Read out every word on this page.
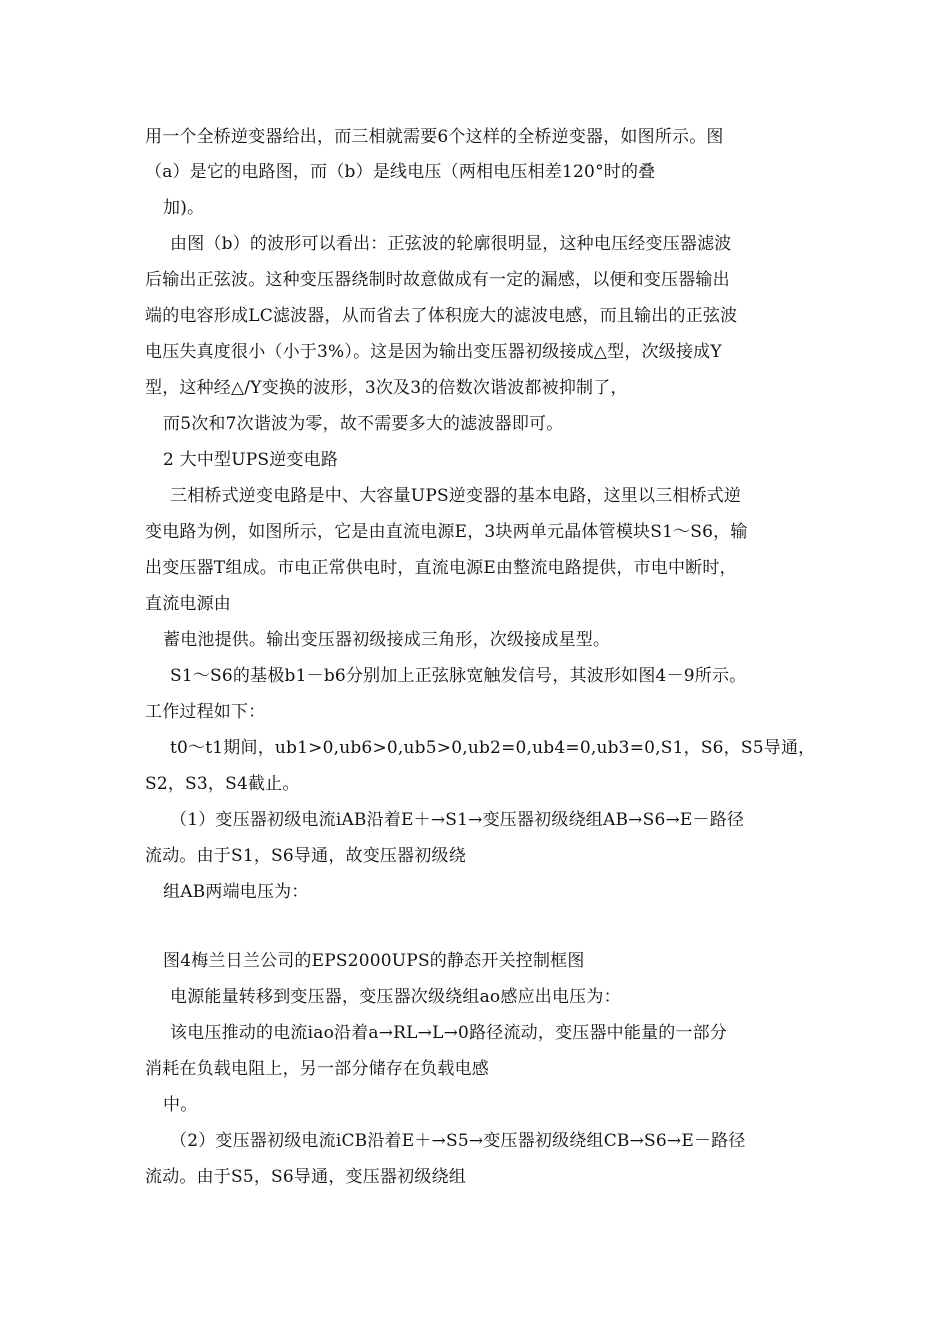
用一个全桥逆变器给出，而三相就需要6个这样的全桥逆变器，如图所示。图
（a）是它的电路图，而（b）是线电压（两相电压相差120°时的叠
加)。
由图（b）的波形可以看出：正弦波的轮廓很明显，这种电压经变压器滤波
后输出正弦波。这种变压器绕制时故意做成有一定的漏感，以便和变压器输出
端的电容形成LC滤波器，从而省去了体积庞大的滤波电感，而且输出的正弦波
电压失真度很小（小于3%）。这是因为输出变压器初级接成△型，次级接成Y
型，这种经△/Y变换的波形，3次及3的倍数次谐波都被抑制了，
而5次和7次谐波为零，故不需要多大的滤波器即可。
2 大中型UPS逆变电路
三相桥式逆变电路是中、大容量UPS逆变器的基本电路，这里以三相桥式逆
变电路为例，如图所示，它是由直流电源E，3块两单元晶体管模块S1～S6，输
出变压器T组成。市电正常供电时，直流电源E由整流电路提供，市电中断时，
直流电源由
蓄电池提供。输出变压器初级接成三角形，次级接成星型。
S1～S6的基极b1－b6分别加上正弦脉宽触发信号，其波形如图4－9所示。
工作过程如下：
t0～t1期间，ub1>0,ub6>0,ub5>0,ub2=0,ub4=0,ub3=0,S1，S6，S5导通，
S2，S3，S4截止。
（1）变压器初级电流iAB沿着E＋→S1→变压器初级绕组AB→S6→E－路径
流动。由于S1，S6导通，故变压器初级绕
组AB两端电压为：
图4梅兰日兰公司的EPS2000UPS的静态开关控制框图
电源能量转移到变压器，变压器次级绕组ao感应出电压为：
该电压推动的电流iao沿着a→RL→L→0路径流动，变压器中能量的一部分
消耗在负载电阻上，另一部分储存在负载电感
中。
（2）变压器初级电流iCB沿着E＋→S5→变压器初级绕组CB→S6→E－路径
流动。由于S5，S6导通，变压器初级绕组
